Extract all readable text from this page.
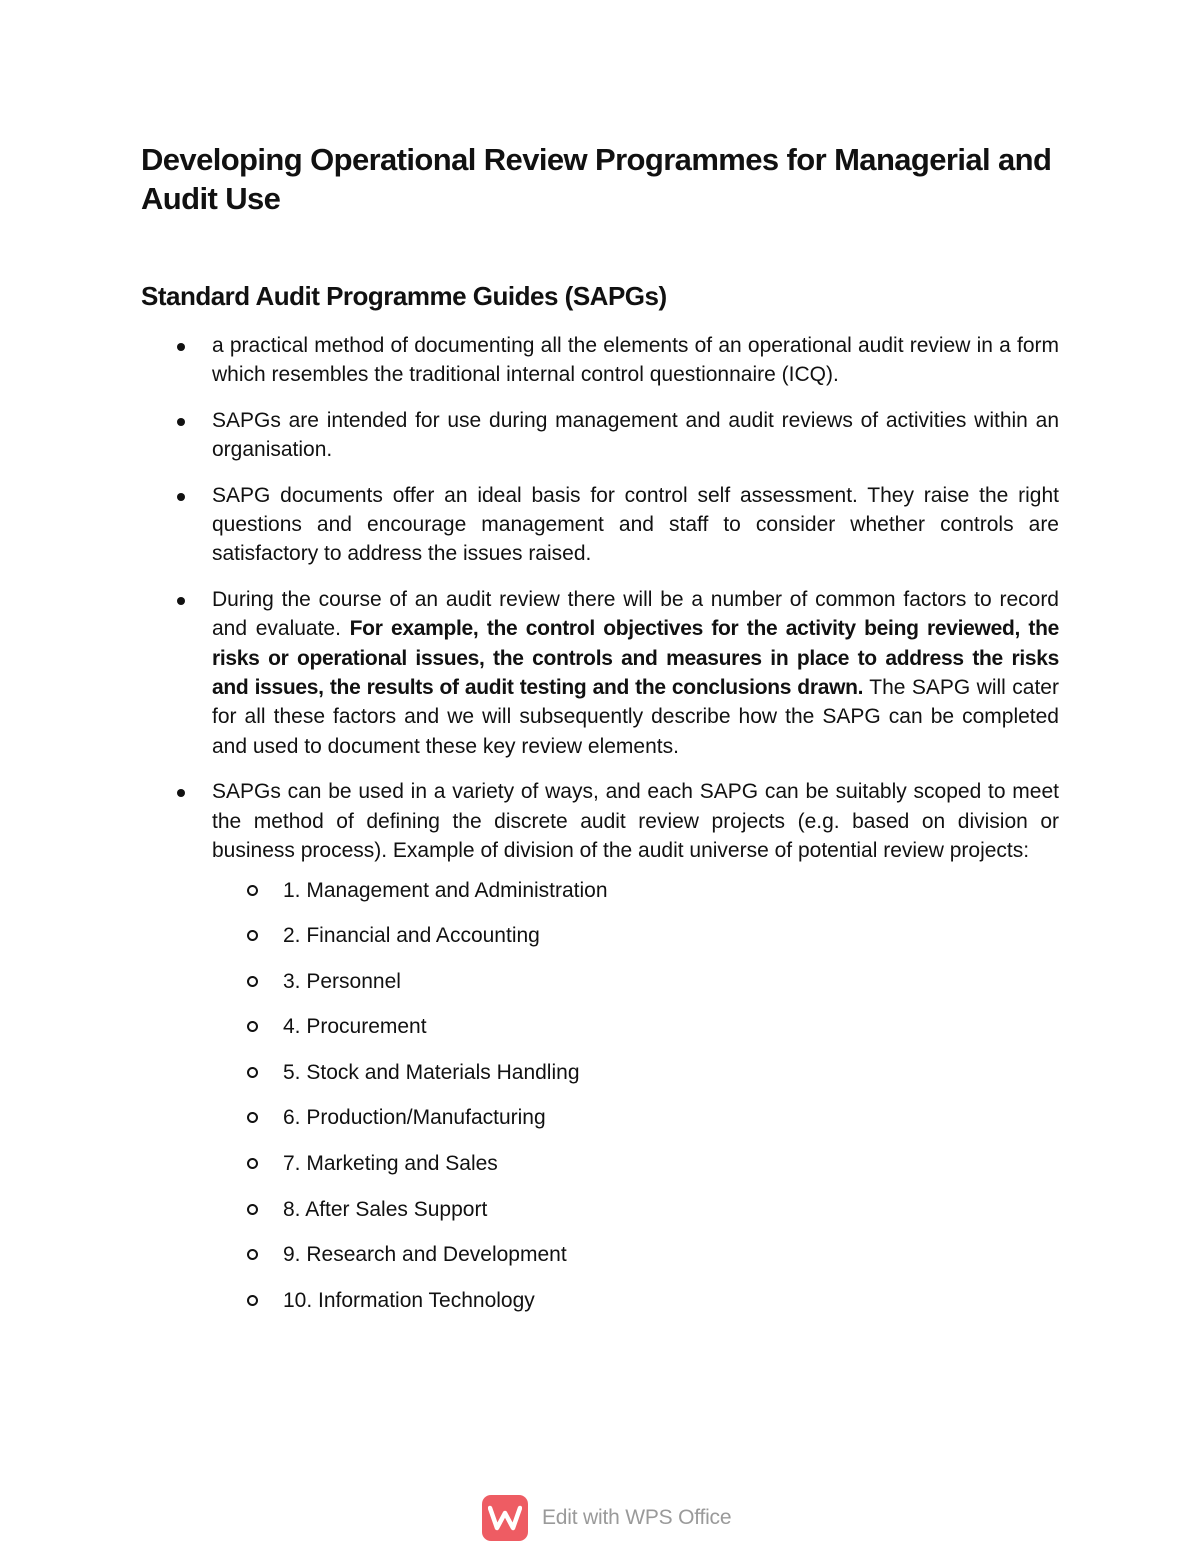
Developing Operational Review Programmes for Managerial and Audit Use
Standard Audit Programme Guides (SAPGs)
a practical method of documenting all the elements of an operational audit review in a form which resembles the traditional internal control questionnaire (ICQ).
SAPGs are intended for use during management and audit reviews of activities within an organisation.
SAPG documents offer an ideal basis for control self assessment. They raise the right questions and encourage management and staff to consider whether controls are satisfactory to address the issues raised.
During the course of an audit review there will be a number of common factors to record and evaluate. For example, the control objectives for the activity being reviewed, the risks or operational issues, the controls and measures in place to address the risks and issues, the results of audit testing and the conclusions drawn. The SAPG will cater for all these factors and we will subsequently describe how the SAPG can be completed and used to document these key review elements.
SAPGs can be used in a variety of ways, and each SAPG can be suitably scoped to meet the method of defining the discrete audit review projects (e.g. based on division or business process). Example of division of the audit universe of potential review projects:
1. Management and Administration
2. Financial and Accounting
3. Personnel
4. Procurement
5. Stock and Materials Handling
6. Production/Manufacturing
7. Marketing and Sales
8. After Sales Support
9. Research and Development
10. Information Technology
Edit with WPS Office
